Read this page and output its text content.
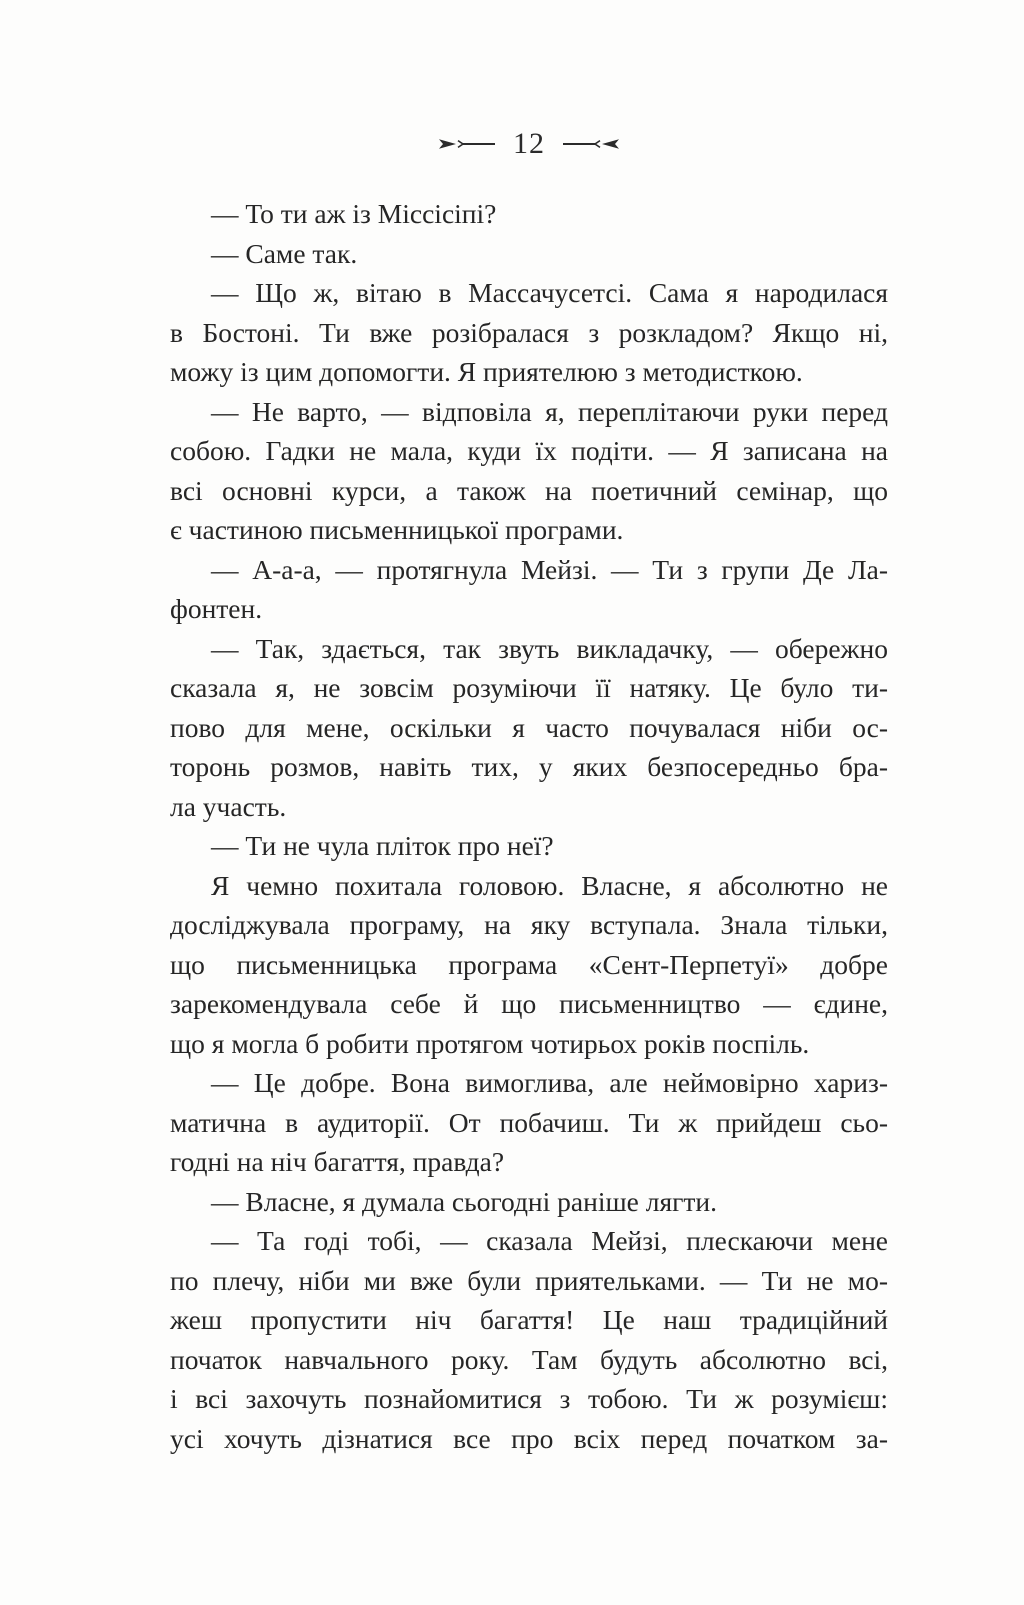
12

— То ти аж із Міссісіпі?

— Саме так.

— Що ж, вітаю в Массачусетсі. Сама я народилася
в Бостоні. Ти вже розібралася з розкладом? Якщо ні,
можу із цим допомогти. Я приятелюю з методисткою.

— Не варто, — відповіла я, переплітаючи руки перед
собою. Гадки не мала, куди їх подіти. — Я записана на
всі основні курси, а також на поетичний семінар, що
є частиною письменницької програми.

— А-а-а, — протягнула Мейзі. — Ти з групи Де Ла-
фонтен.

— Так, здається, так звуть викладачку, — обережно
сказала я, не зовсім розуміючи її натяку. Це було ти-
пово для мене, оскільки я часто почувалася ніби ос-
торонь розмов, навіть тих, у яких безпосередньо бра-
ла участь.

— Ти не чула пліток про неї?

Я чемно похитала головою. Власне, я абсолютно не
досліджувала програму, на яку вступала. Знала тільки,
що письменницька програма «Сент-Перпетуї» добре
зарекомендувала себе й що письменництво — єдине,
що я могла б робити протягом чотирьох років поспіль.

— Це добре. Вона вимоглива, але неймовірно хариз-
матична в аудиторії. От побачиш. Ти ж прийдеш сьо-
годні на ніч багаття, правда?

— Власне, я думала сьогодні раніше лягти.

— Та годі тобі, — сказала Мейзі, плескаючи мене
по плечу, ніби ми вже були приятельками. — Ти не мо-
жеш пропустити ніч багаття! Це наш традиційний
початок навчального року. Там будуть абсолютно всі,
і всі захочуть познайомитися з тобою. Ти ж розумієш:
усі хочуть дізнатися все про всіх перед початком за-
